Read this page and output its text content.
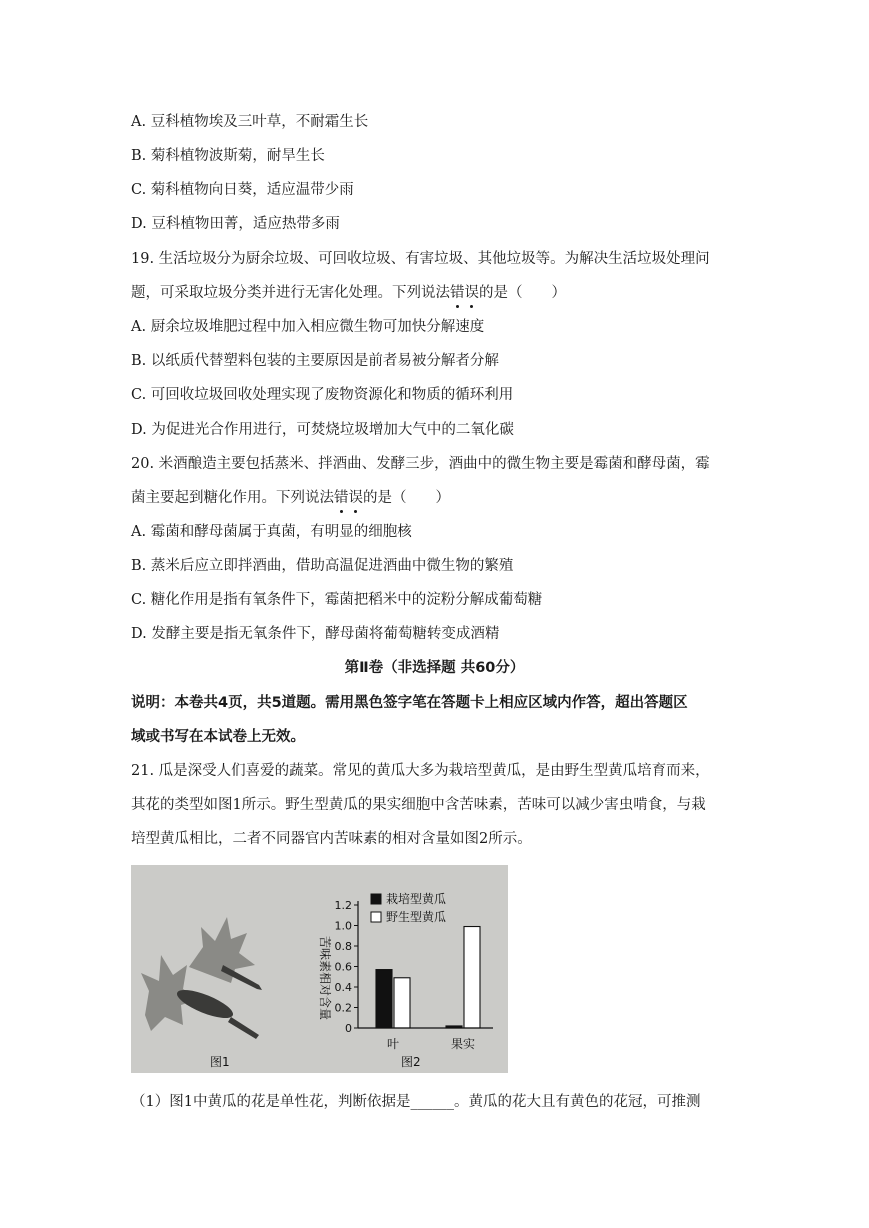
A. 豆科植物埃及三叶草，不耐霜生长
B. 菊科植物波斯菊，耐旱生长
C. 菊科植物向日葵，适应温带少雨
D. 豆科植物田菁，适应热带多雨
19. 生活垃圾分为厨余垃圾、可回收垃圾、有害垃圾、其他垃圾等。为解决生活垃圾处理问
题，可采取垃圾分类并进行无害化处理。下列说法错误的是（　　）
A. 厨余垃圾堆肥过程中加入相应微生物可加快分解速度
B. 以纸质代替塑料包装的主要原因是前者易被分解者分解
C. 可回收垃圾回收处理实现了废物资源化和物质的循环利用
D. 为促进光合作用进行，可焚烧垃圾增加大气中的二氧化碳
20. 米酒酿造主要包括蒸米、拌酒曲、发酵三步，酒曲中的微生物主要是霉菌和酵母菌，霉
菌主要起到糖化作用。下列说法错误的是（　　）
A. 霉菌和酵母菌属于真菌，有明显的细胞核
B. 蒸米后应立即拌酒曲，借助高温促进酒曲中微生物的繁殖
C. 糖化作用是指有氧条件下，霉菌把稻米中的淀粉分解成葡萄糖
D. 发酵主要是指无氧条件下，酵母菌将葡萄糖转变成酒精
第Ⅱ卷（非选择题 共60分）
说明：本卷共4页，共5道题。需用黑色签字笔在答题卡上相应区域内作答，超出答题区
域或书写在本试卷上无效。
21. 瓜是深受人们喜爱的蔬菜。常见的黄瓜大多为栽培型黄瓜，是由野生型黄瓜培育而来，
其花的类型如图1所示。野生型黄瓜的果实细胞中含苦味素，苦味可以减少害虫啃食，与栽
培型黄瓜相比，二者不同器官内苦味素的相对含量如图2所示。
图1
苦味素相对含量
0
0.2
0.4
0.6
0.8
1.0
1.2
叶	果实
栽培型黄瓜
野生型黄瓜
图2
（1）图1中黄瓜的花是单性花，判断依据是______。黄瓜的花大且有黄色的花冠，可推测
